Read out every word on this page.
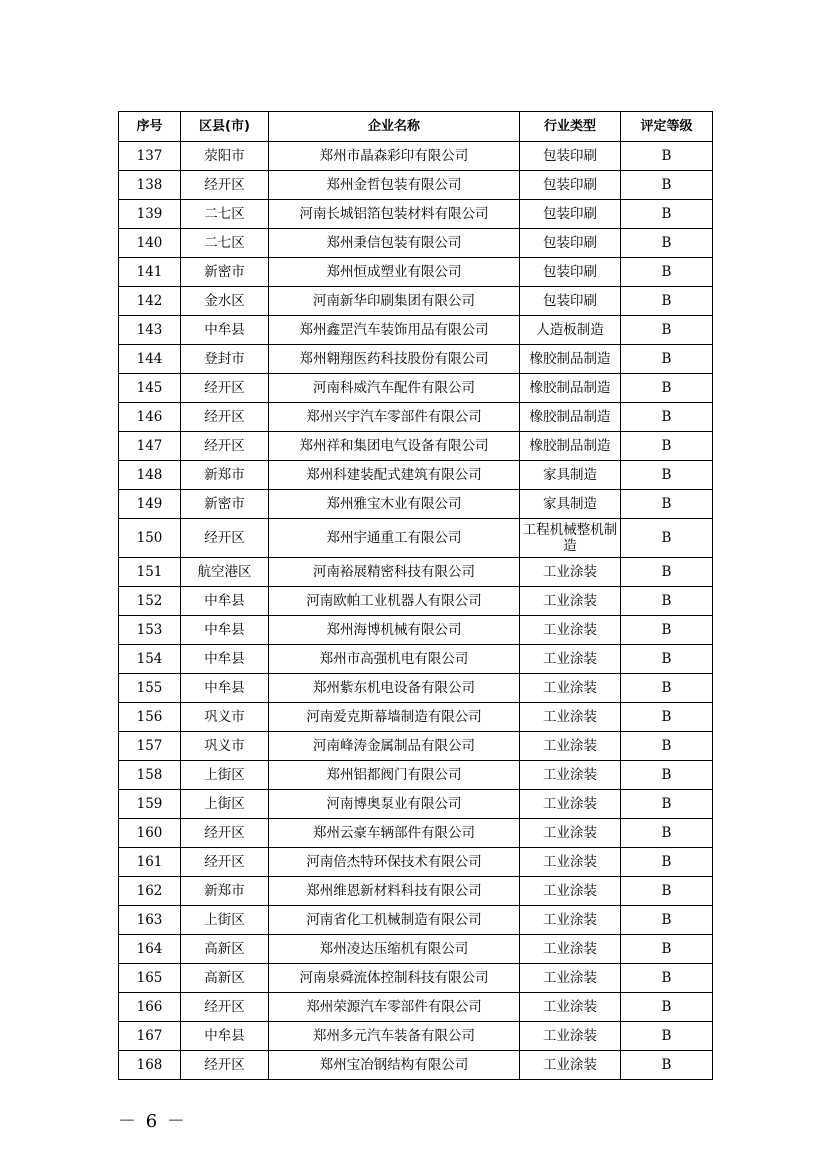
序号	区县(市)	企业名称	行业类型	评定等级
137	荥阳市	郑州市晶森彩印有限公司	包装印刷	B
138	经开区	郑州金哲包装有限公司	包装印刷	B
139	二七区	河南长城铝箔包装材料有限公司	包装印刷	B
140	二七区	郑州秉信包装有限公司	包装印刷	B
141	新密市	郑州恒成塑业有限公司	包装印刷	B
142	金水区	河南新华印刷集团有限公司	包装印刷	B
143	中牟县	郑州鑫罡汽车装饰用品有限公司	人造板制造	B
144	登封市	郑州翱翔医药科技股份有限公司	橡胶制品制造	B
145	经开区	河南科威汽车配件有限公司	橡胶制品制造	B
146	经开区	郑州兴宇汽车零部件有限公司	橡胶制品制造	B
147	经开区	郑州祥和集团电气设备有限公司	橡胶制品制造	B
148	新郑市	郑州科建装配式建筑有限公司	家具制造	B
149	新密市	郑州雅宝木业有限公司	家具制造	B
150	经开区	郑州宇通重工有限公司	工程机械整机制造	B
151	航空港区	河南裕展精密科技有限公司	工业涂装	B
152	中牟县	河南欧帕工业机器人有限公司	工业涂装	B
153	中牟县	郑州海博机械有限公司	工业涂装	B
154	中牟县	郑州市高强机电有限公司	工业涂装	B
155	中牟县	郑州紫东机电设备有限公司	工业涂装	B
156	巩义市	河南爱克斯幕墙制造有限公司	工业涂装	B
157	巩义市	河南峰涛金属制品有限公司	工业涂装	B
158	上街区	郑州铝都阀门有限公司	工业涂装	B
159	上街区	河南博奥泵业有限公司	工业涂装	B
160	经开区	郑州云豪车辆部件有限公司	工业涂装	B
161	经开区	河南倍杰特环保技术有限公司	工业涂装	B
162	新郑市	郑州维恩新材料科技有限公司	工业涂装	B
163	上街区	河南省化工机械制造有限公司	工业涂装	B
164	高新区	郑州凌达压缩机有限公司	工业涂装	B
165	高新区	河南泉舜流体控制科技有限公司	工业涂装	B
166	经开区	郑州荣源汽车零部件有限公司	工业涂装	B
167	中牟县	郑州多元汽车装备有限公司	工业涂装	B
168	经开区	郑州宝冶钢结构有限公司	工业涂装	B
－ 6 －
